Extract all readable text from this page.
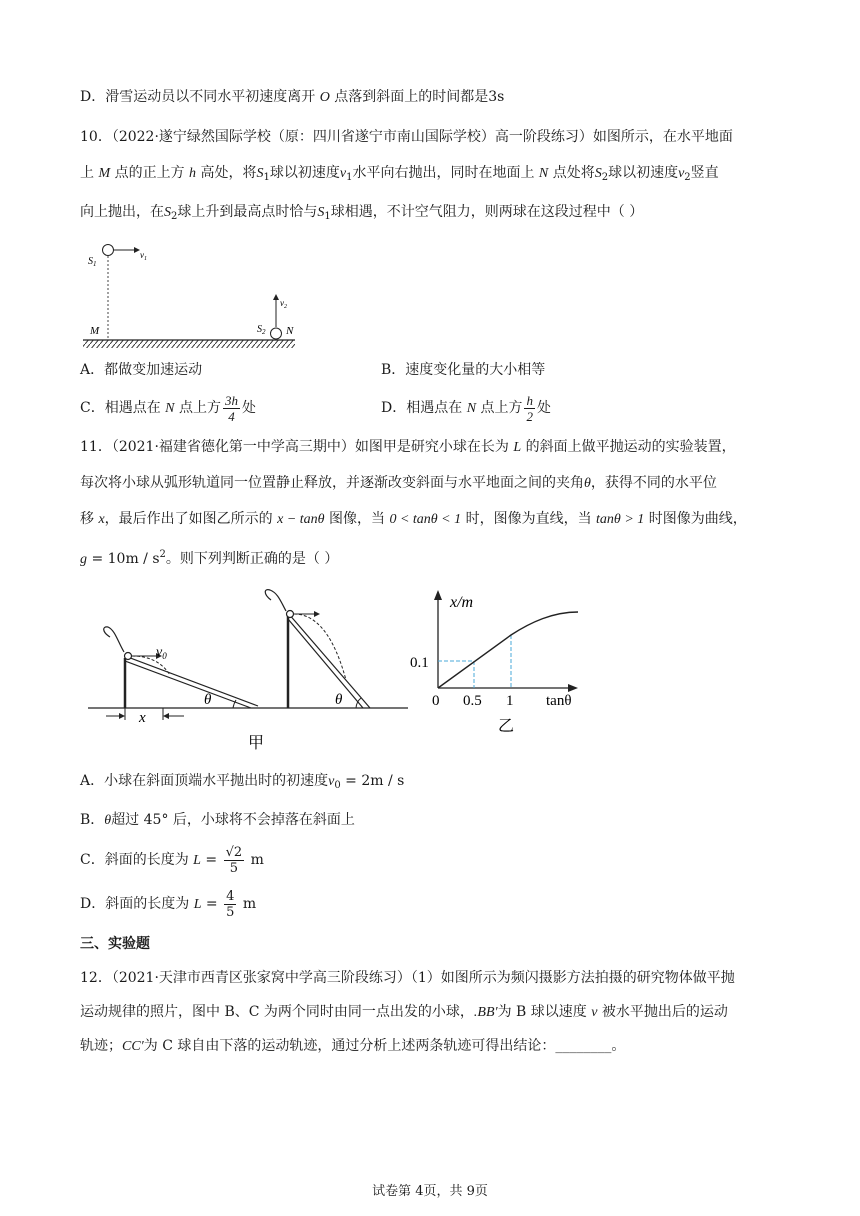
D．滑雪运动员以不同水平初速度离开 O 点落到斜面上的时间都是3s
10．（2022·遂宁绿然国际学校（原：四川省遂宁市南山国际学校）高一阶段练习）如图所示，在水平地面
上 M 点的正上方 h 高处，将$S_1$球以初速度$v_1$水平向右抛出，同时在地面上 N 点处将$S_2$球以初速度$v_2$竖直
向上抛出，在$S_2$球上升到最高点时恰与$S_1$球相遇，不计空气阻力，则两球在这段过程中（ ）
$S_1$
$v_1$
M
$v_2$
$S_2$ N
A．都做变加速运动	B．速度变化量的大小相等
C．相遇点在 N 点上方 $\frac{3h}{4}$ 处	D．相遇点在 N 点上方 $\frac{h}{2}$ 处
11．（2021·福建省德化第一中学高三期中）如图甲是研究小球在长为 L 的斜面上做平抛运动的实验装置，
每次将小球从弧形轨道同一位置静止释放，并逐渐改变斜面与水平地面之间的夹角θ，获得不同的水平位
移 x，最后作出了如图乙所示的 x − tanθ 图像，当 0 < tanθ < 1 时，图像为直线，当 tanθ > 1 时图像为曲线，
$g = 10m / s^2$。则下列判断正确的是（ ）
$v_0$
θ
x
θ
甲
x/m
0.1
0 0.5 1 tanθ
乙
A．小球在斜面顶端水平抛出时的初速度$v_0 = 2m / s$
B．θ超过 45° 后，小球将不会掉落在斜面上
C．斜面的长度为 $L = \frac{√2}{5}$ m
D．斜面的长度为 $L = \frac{4}{5}$ m
三、实验题
12．（2021·天津市西青区张家窝中学高三阶段练习）（1）如图所示为频闪摄影方法拍摄的研究物体做平抛
运动规律的照片，图中 B、C 为两个同时由同一点出发的小球，.BB′为 B 球以速度 v 被水平抛出后的运动
轨迹；CC′为 C 球自由下落的运动轨迹，通过分析上述两条轨迹可得出结论：________。
试卷第 4页，共 9页
